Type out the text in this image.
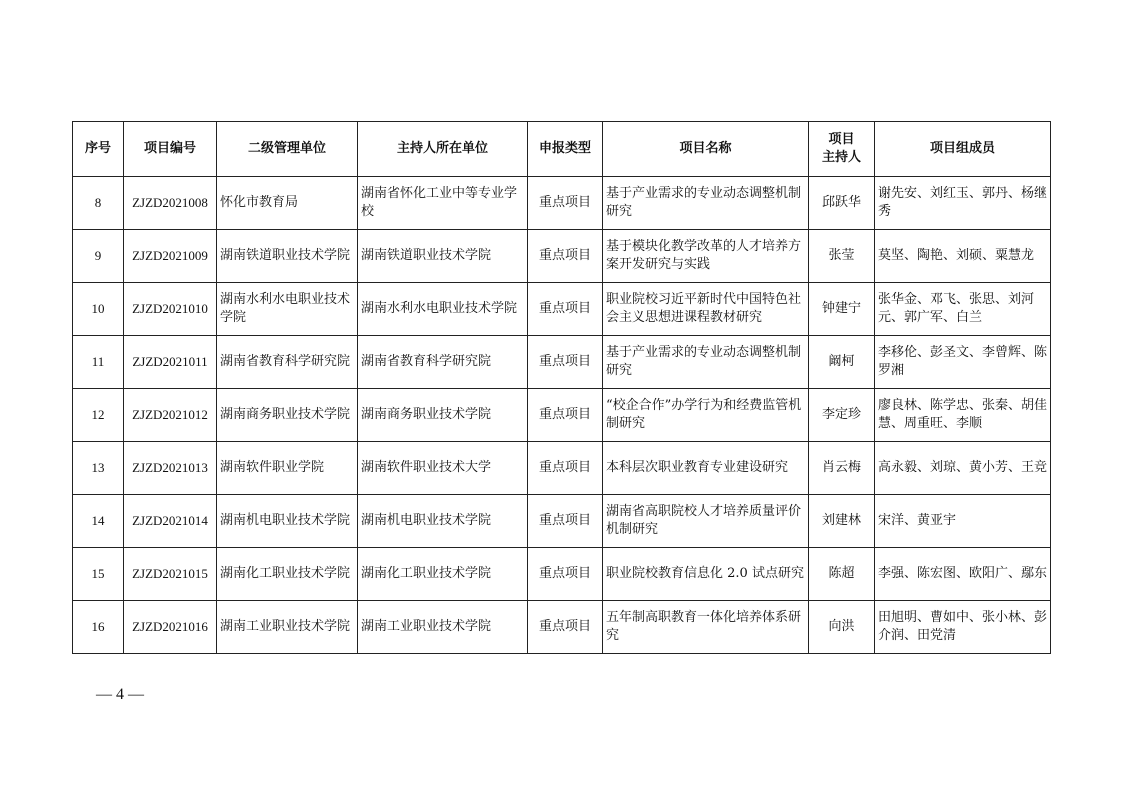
序号	项目编号	二级管理单位	主持人所在单位	申报类型	项目名称	项目
主持人	项目组成员
8	ZJZD2021008	怀化市教育局	湖南省怀化工业中等专业学校	重点项目	基于产业需求的专业动态调整机制研究	邱跃华	谢先安、刘红玉、郭丹、杨继秀
9	ZJZD2021009	湖南铁道职业技术学院	湖南铁道职业技术学院	重点项目	基于模块化教学改革的人才培养方案开发研究与实践	张莹	莫坚、陶艳、刘硕、粟慧龙
10	ZJZD2021010	湖南水利水电职业技术学院	湖南水利水电职业技术学院	重点项目	职业院校习近平新时代中国特色社会主义思想进课程教材研究	钟建宁	张华金、邓飞、张思、刘河元、郭广军、白兰
11	ZJZD2021011	湖南省教育科学研究院	湖南省教育科学研究院	重点项目	基于产业需求的专业动态调整机制研究	阚柯	李移伦、彭圣文、李曾辉、陈罗湘
12	ZJZD2021012	湖南商务职业技术学院	湖南商务职业技术学院	重点项目	“校企合作”办学行为和经费监管机制研究	李定珍	廖良林、陈学忠、张秦、胡佳慧、周重旺、李顺
13	ZJZD2021013	湖南软件职业学院	湖南软件职业技术大学	重点项目	本科层次职业教育专业建设研究	肖云梅	高永毅、刘琼、黄小芳、王竞
14	ZJZD2021014	湖南机电职业技术学院	湖南机电职业技术学院	重点项目	湖南省高职院校人才培养质量评价机制研究	刘建林	宋洋、黄亚宇
15	ZJZD2021015	湖南化工职业技术学院	湖南化工职业技术学院	重点项目	职业院校教育信息化 2.0 试点研究	陈超	李强、陈宏图、欧阳广、鄢东
16	ZJZD2021016	湖南工业职业技术学院	湖南工业职业技术学院	重点项目	五年制高职教育一体化培养体系研究	向洪	田旭明、曹如中、张小林、彭介润、田党清
— 4 —
